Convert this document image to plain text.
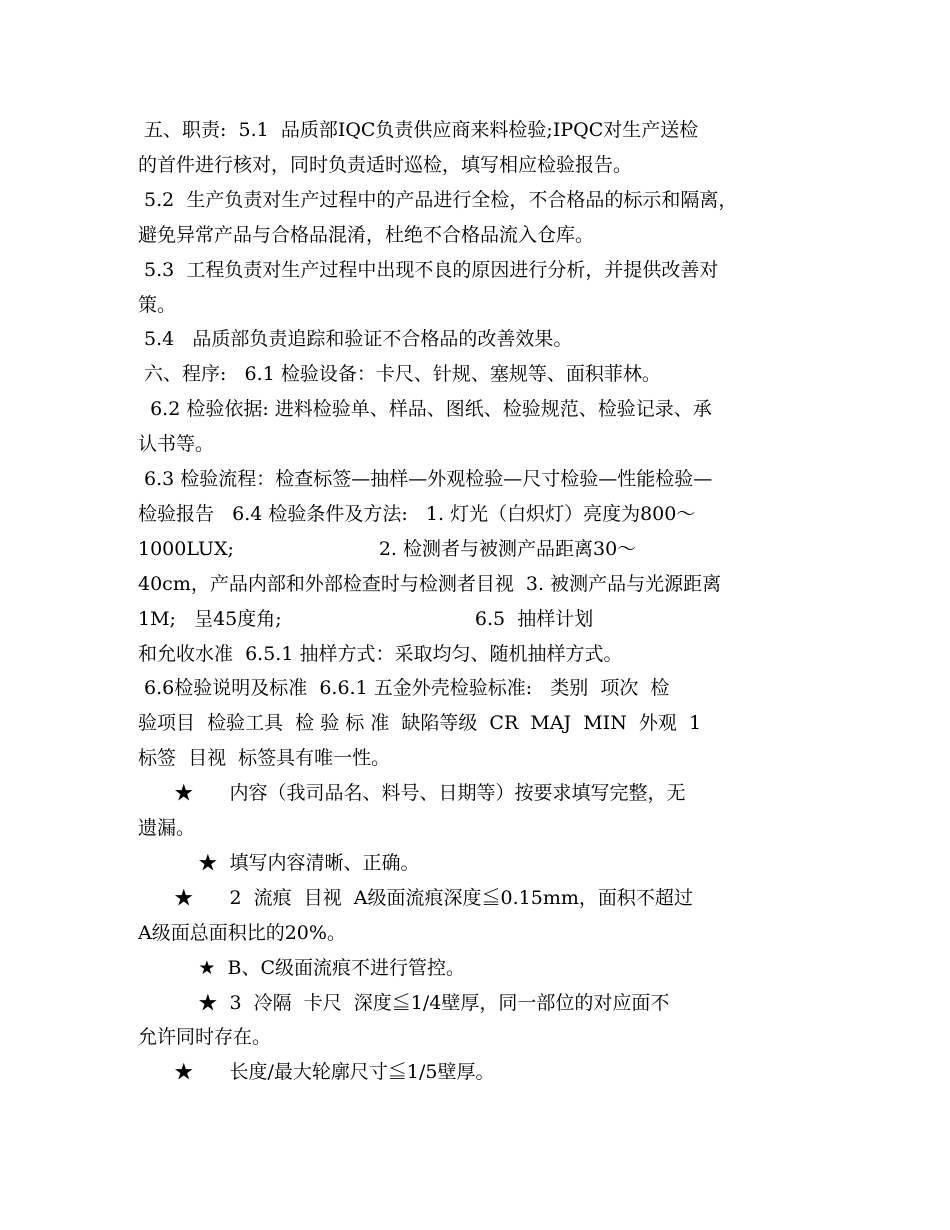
五、职责:  5.1  品质部IQC负责供应商来料检验;IPQC对生产送检
的首件进行核对，同时负责适时巡检，填写相应检验报告。
5.2  生产负责对生产过程中的产品进行全检，不合格品的标示和隔离，
避免异常产品与合格品混淆，杜绝不合格品流入仓库。
5.3  工程负责对生产过程中出现不良的原因进行分析，并提供改善对
策。
5.4   品质部负责追踪和验证不合格品的改善效果。
六、程序:   6.1 检验设备：卡尺、针规、塞规等、面积菲林。
6.2 检验依据: 进料检验单、样品、图纸、检验规范、检验记录、承
认书等。
6.3 检验流程：检查标签—抽样—外观检验—尺寸检验—性能检验—
检验报告   6.4 检验条件及方法:   1. 灯光（白炽灯）亮度为800～
1000LUX;                        2. 检测者与被测产品距离30～
40cm，产品内部和外部检查时与检测者目视  3. 被测产品与光源距离
1M;   呈45度角;                                6.5  抽样计划
和允收水准  6.5.1 抽样方式：采取均匀、随机抽样方式。
6.6检验说明及标准  6.6.1 五金外壳检验标准:   类别  项次  检
验项目  检验工具  检 验 标 准  缺陷等级  CR  MAJ  MIN  外观  1
标签  目视  标签具有唯一性。
★      内容（我司品名、料号、日期等）按要求填写完整，无
遗漏。
★  填写内容清晰、正确。
★      2  流痕  目视  A级面流痕深度≦0.15mm，面积不超过
A级面总面积比的20%。
★  B、C级面流痕不进行管控。
★  3  冷隔  卡尺  深度≦1/4壁厚，同一部位的对应面不
允许同时存在。
★      长度/最大轮廓尺寸≦1/5壁厚。
